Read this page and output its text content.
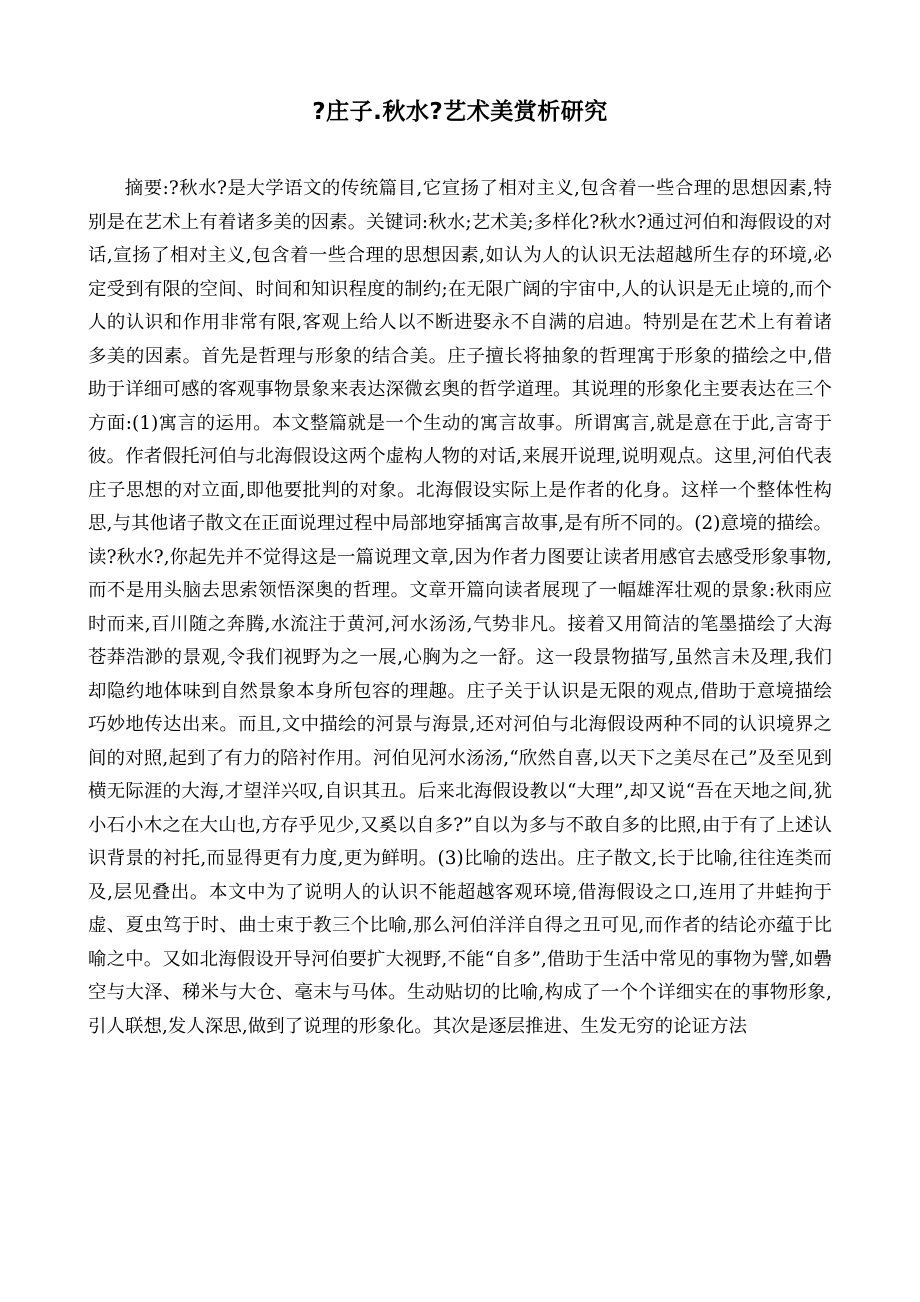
?庄子.秋水?艺术美赏析研究

摘要:?秋水?是大学语文的传统篇目,它宣扬了相对主义,包含着一些合理的思想因素,特别是在艺术上有着诸多美的因素。关键词:秋水;艺术美;多样化?秋水?通过河伯和海假设的对话,宣扬了相对主义,包含着一些合理的思想因素,如认为人的认识无法超越所生存的环境,必定受到有限的空间、时间和知识程度的制约;在无限广阔的宇宙中,人的认识是无止境的,而个人的认识和作用非常有限,客观上给人以不断进娶永不自满的启迪。特别是在艺术上有着诸多美的因素。首先是哲理与形象的结合美。庄子擅长将抽象的哲理寓于形象的描绘之中,借助于详细可感的客观事物景象来表达深微玄奥的哲学道理。其说理的形象化主要表达在三个方面:(1)寓言的运用。本文整篇就是一个生动的寓言故事。所谓寓言,就是意在于此,言寄于彼。作者假托河伯与北海假设这两个虚构人物的对话,来展开说理,说明观点。这里,河伯代表庄子思想的对立面,即他要批判的对象。北海假设实际上是作者的化身。这样一个整体性构思,与其他诸子散文在正面说理过程中局部地穿插寓言故事,是有所不同的。(2)意境的描绘。读?秋水?,你起先并不觉得这是一篇说理文章,因为作者力图要让读者用感官去感受形象事物,而不是用头脑去思索领悟深奥的哲理。文章开篇向读者展现了一幅雄浑壮观的景象:秋雨应时而来,百川随之奔腾,水流注于黄河,河水汤汤,气势非凡。接着又用简洁的笔墨描绘了大海苍莽浩渺的景观,令我们视野为之一展,心胸为之一舒。这一段景物描写,虽然言未及理,我们却隐约地体味到自然景象本身所包容的理趣。庄子关于认识是无限的观点,借助于意境描绘巧妙地传达出来。而且,文中描绘的河景与海景,还对河伯与北海假设两种不同的认识境界之间的对照,起到了有力的陪衬作用。河伯见河水汤汤,“欣然自喜,以天下之美尽在己”及至见到横无际涯的大海,才望洋兴叹,自识其丑。后来北海假设教以“大理”,却又说“吾在天地之间,犹小石小木之在大山也,方存乎见少,又奚以自多?”自以为多与不敢自多的比照,由于有了上述认识背景的衬托,而显得更有力度,更为鲜明。(3)比喻的迭出。庄子散文,长于比喻,往往连类而及,层见叠出。本文中为了说明人的认识不能超越客观环境,借海假设之口,连用了井蛙拘于虚、夏虫笃于时、曲士束于教三个比喻,那么河伯洋洋自得之丑可见,而作者的结论亦蕴于比喻之中。又如北海假设开导河伯要扩大视野,不能“自多”,借助于生活中常见的事物为譬,如礨空与大泽、稊米与大仓、毫末与马体。生动贴切的比喻,构成了一个个详细实在的事物形象,引人联想,发人深思,做到了说理的形象化。其次是逐层推进、生发无穷的论证方法
